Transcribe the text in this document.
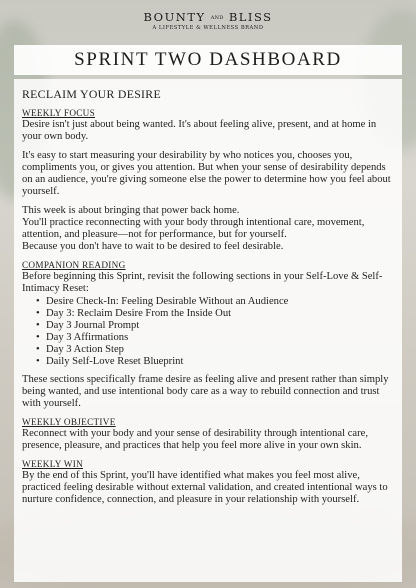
BOUNTY AND BLISS
A LIFESTYLE & WELLNESS BRAND
SPRINT TWO DASHBOARD
RECLAIM YOUR DESIRE
WEEKLY FOCUS

Desire isn't just about being wanted. It's about feeling alive, present, and at home in your own body.

It's easy to start measuring your desirability by who notices you, chooses you, compliments you, or gives you attention. But when your sense of desirability depends on an audience, you're giving someone else the power to determine how you feel about yourself.

This week is about bringing that power back home.

You'll practice reconnecting with your body through intentional care, movement, attention, and pleasure—not for performance, but for yourself.

Because you don't have to wait to be desired to feel desirable.

COMPANION READING

Before beginning this Sprint, revisit the following sections in your Self-Love & Self-Intimacy Reset:

• Desire Check-In: Feeling Desirable Without an Audience
• Day 3: Reclaim Desire From the Inside Out
• Day 3 Journal Prompt
• Day 3 Affirmations
• Day 3 Action Step
• Daily Self-Love Reset Blueprint

These sections specifically frame desire as feeling alive and present rather than simply being wanted, and use intentional body care as a way to rebuild connection and trust with yourself.

WEEKLY OBJECTIVE

Reconnect with your body and your sense of desirability through intentional care, presence, pleasure, and practices that help you feel more alive in your own skin.

WEEKLY WIN

By the end of this Sprint, you'll have identified what makes you feel most alive, practiced feeling desirable without external validation, and created intentional ways to nurture confidence, connection, and pleasure in your relationship with yourself.
